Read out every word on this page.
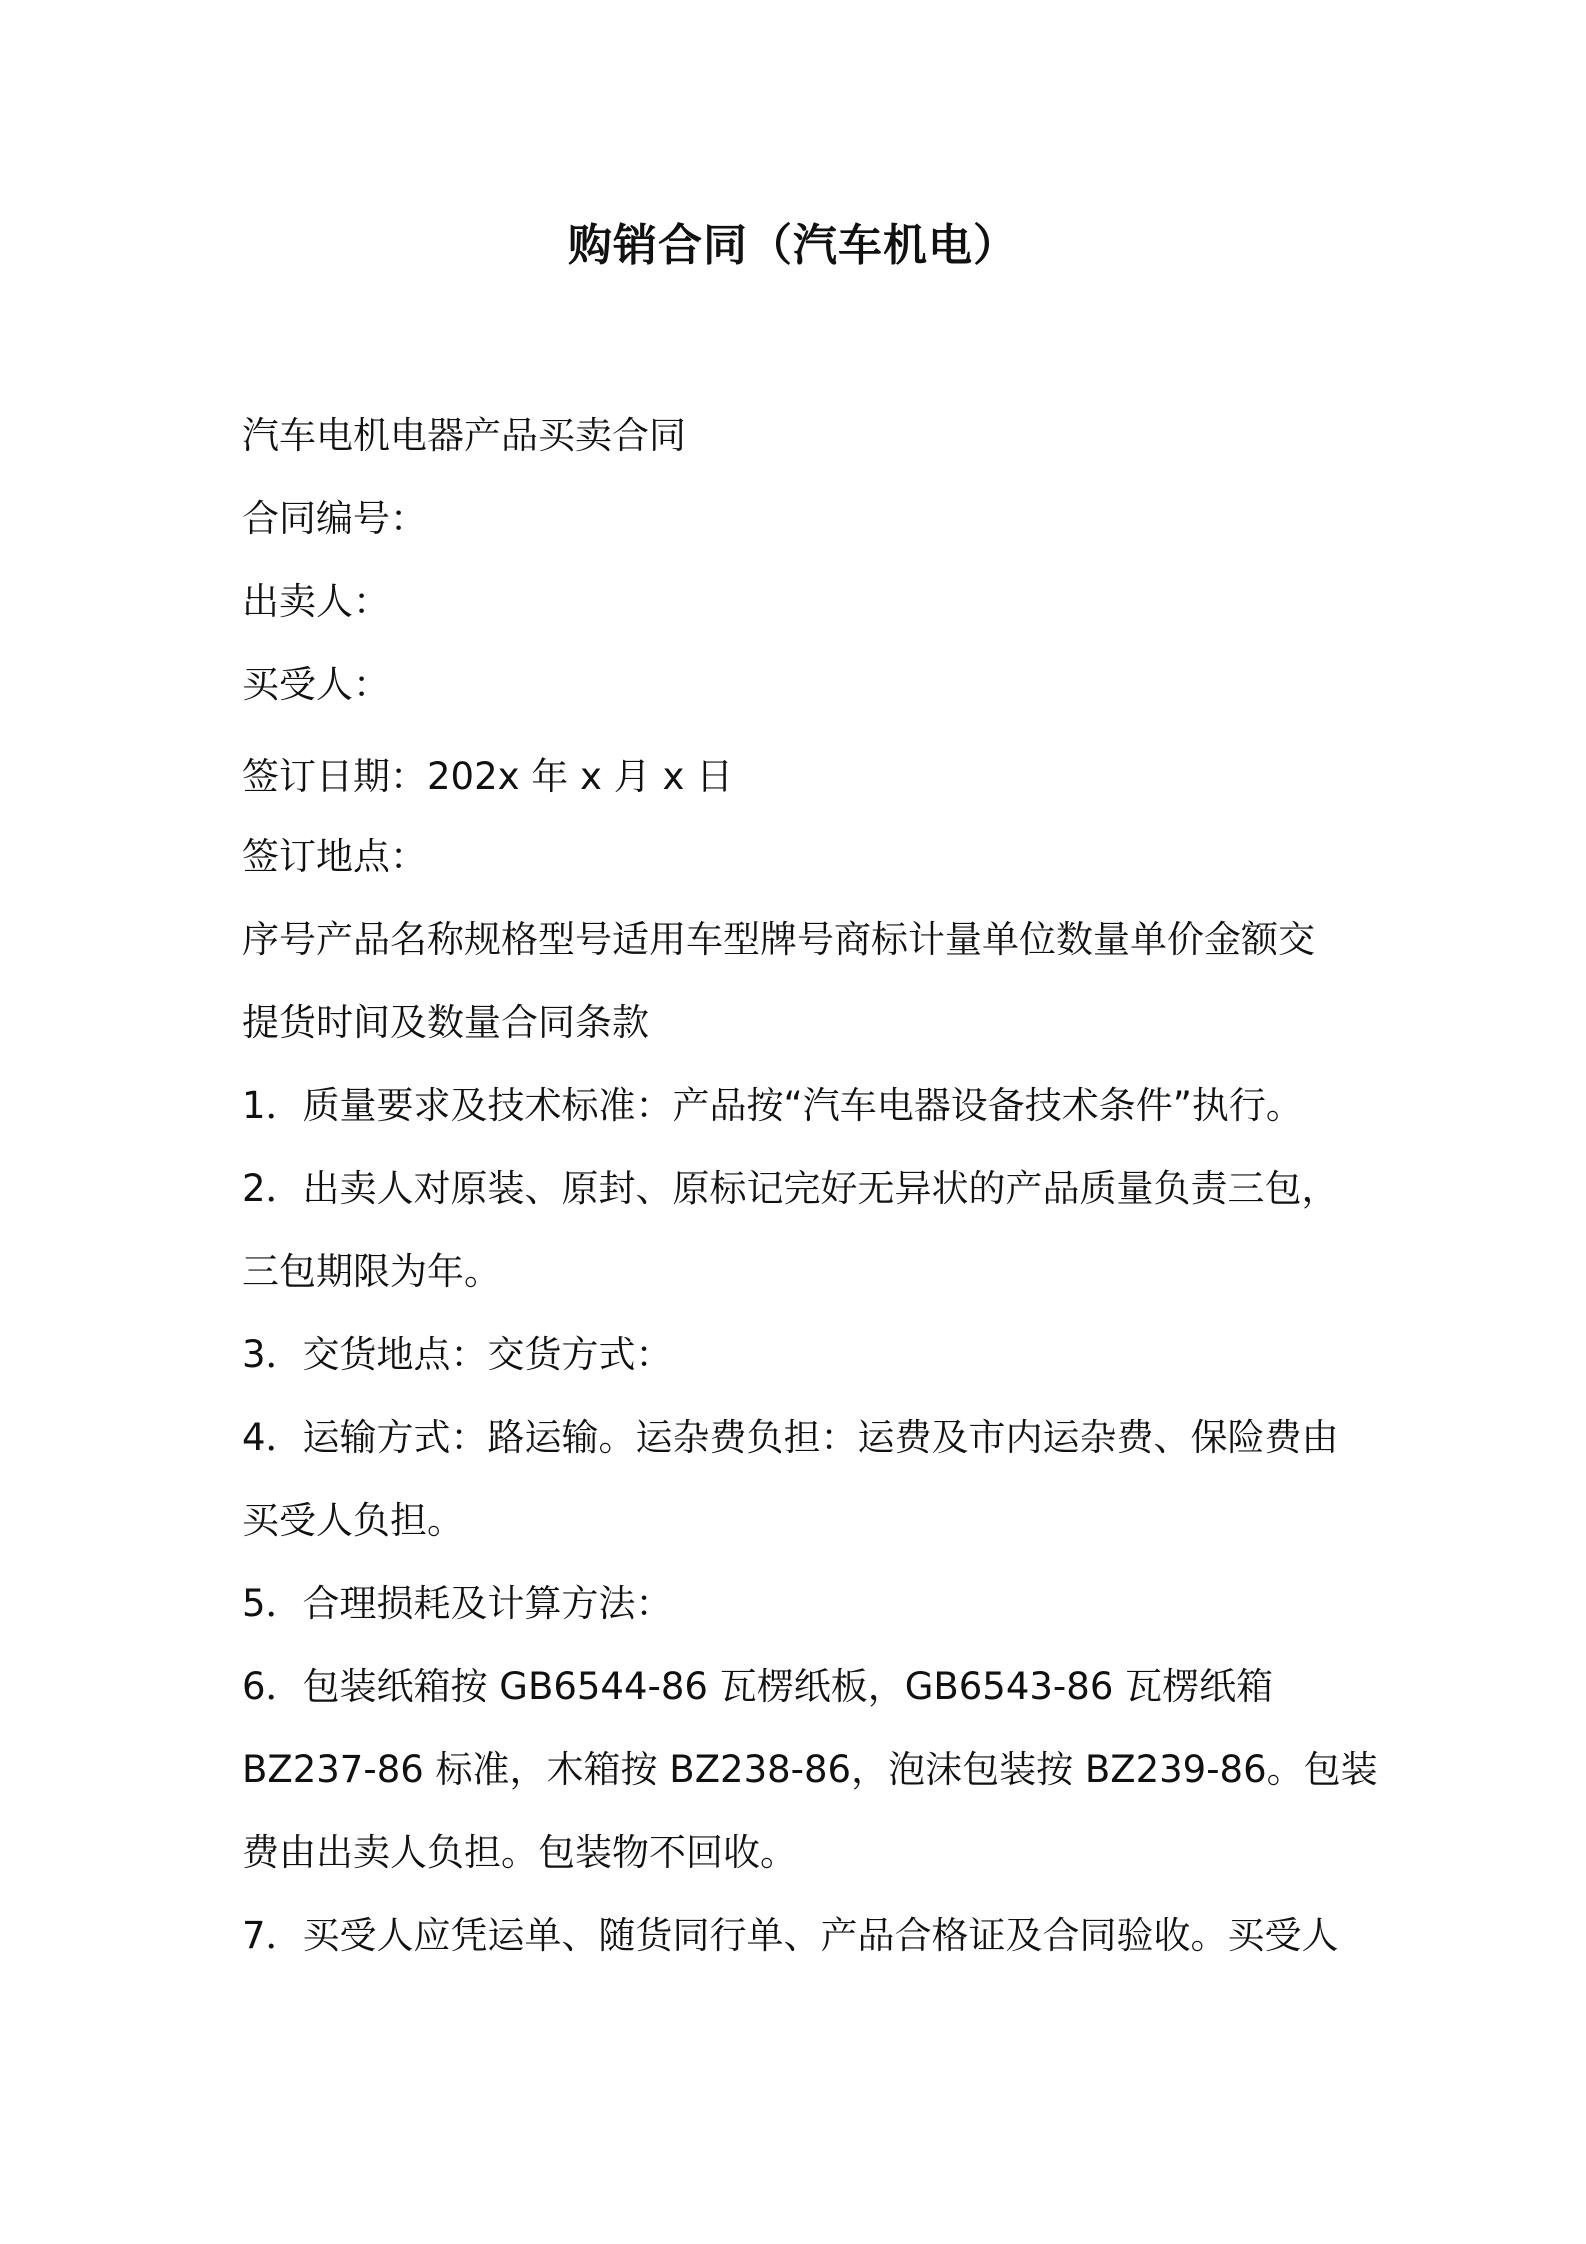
购销合同（汽车机电）

汽车电机电器产品买卖合同

合同编号：

出卖人：

买受人：

签订日期：202x 年 x 月 x 日

签订地点：

序号产品名称规格型号适用车型牌号商标计量单位数量单价金额交

提货时间及数量合同条款

1．质量要求及技术标准：产品按“汽车电器设备技术条件”执行。

2．出卖人对原装、原封、原标记完好无异状的产品质量负责三包，

三包期限为年。

3．交货地点：交货方式：

4．运输方式：路运输。运杂费负担：运费及市内运杂费、保险费由

买受人负担。

5．合理损耗及计算方法：

6．包装纸箱按 GB6544-86 瓦楞纸板，GB6543-86 瓦楞纸箱

BZ237-86 标准，木箱按 BZ238-86，泡沫包装按 BZ239-86。包装

费由出卖人负担。包装物不回收。

7．买受人应凭运单、随货同行单、产品合格证及合同验收。买受人
